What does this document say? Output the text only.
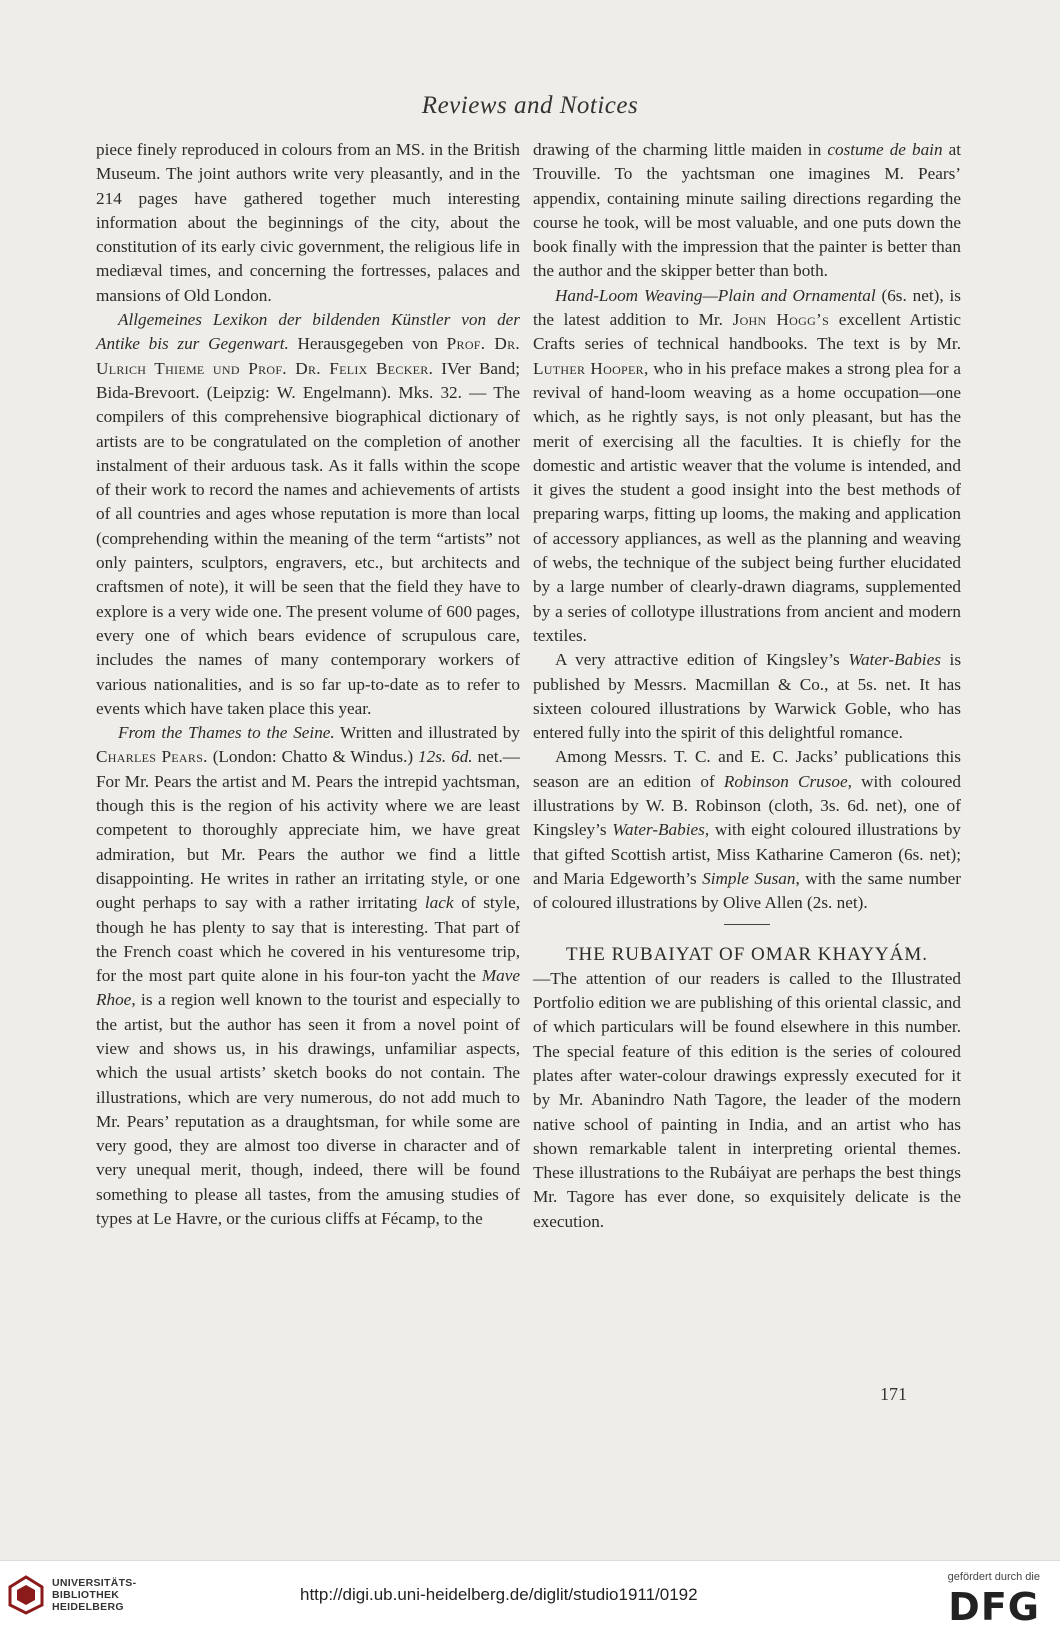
Reviews and Notices

piece finely reproduced in colours from an MS. in the British Museum. The joint authors write very pleasantly, and in the 214 pages have gathered together much interesting information about the beginnings of the city, about the constitution of its early civic government, the religious life in mediæval times, and concerning the fortresses, palaces and mansions of Old London.

Allgemeines Lexikon der bildenden Künstler von der Antike bis zur Gegenwart. Herausgegeben von Prof. Dr. Ulrich Thieme und Prof. Dr. Felix Becker. IVer Band; Bida-Brevoort. (Leipzig: W. Engelmann). Mks. 32. — The compilers of this comprehensive biographical dictionary of artists are to be congratulated on the completion of another instalment of their arduous task. As it falls within the scope of their work to record the names and achievements of artists of all countries and ages whose reputation is more than local (comprehending within the meaning of the term “artists” not only painters, sculptors, engravers, etc., but architects and craftsmen of note), it will be seen that the field they have to explore is a very wide one. The present volume of 600 pages, every one of which bears evidence of scrupulous care, includes the names of many contemporary workers of various nationalities, and is so far up-to-date as to refer to events which have taken place this year.

From the Thames to the Seine. Written and illustrated by Charles Pears. (London: Chatto & Windus.) 12s. 6d. net.—For Mr. Pears the artist and M. Pears the intrepid yachtsman, though this is the region of his activity where we are least competent to thoroughly appreciate him, we have great admiration, but Mr. Pears the author we find a little disappointing. He writes in rather an irritating style, or one ought perhaps to say with a rather irritating lack of style, though he has plenty to say that is interesting. That part of the French coast which he covered in his venturesome trip, for the most part quite alone in his four-ton yacht the Mave Rhoe, is a region well known to the tourist and especially to the artist, but the author has seen it from a novel point of view and shows us, in his drawings, unfamiliar aspects, which the usual artists’ sketch books do not contain. The illustrations, which are very numerous, do not add much to Mr. Pears’ reputation as a draughtsman, for while some are very good, they are almost too diverse in character and of very unequal merit, though, indeed, there will be found something to please all tastes, from the amusing studies of types at Le Havre, or the curious cliffs at Fécamp, to the

drawing of the charming little maiden in costume de bain at Trouville. To the yachtsman one imagines M. Pears’ appendix, containing minute sailing directions regarding the course he took, will be most valuable, and one puts down the book finally with the impression that the painter is better than the author and the skipper better than both.

Hand-Loom Weaving—Plain and Ornamental (6s. net), is the latest addition to Mr. John Hogg’s excellent Artistic Crafts series of technical handbooks. The text is by Mr. Luther Hooper, who in his preface makes a strong plea for a revival of hand-loom weaving as a home occupation—one which, as he rightly says, is not only pleasant, but has the merit of exercising all the faculties. It is chiefly for the domestic and artistic weaver that the volume is intended, and it gives the student a good insight into the best methods of preparing warps, fitting up looms, the making and application of accessory appliances, as well as the planning and weaving of webs, the technique of the subject being further elucidated by a large number of clearly-drawn diagrams, supplemented by a series of collotype illustrations from ancient and modern textiles.

A very attractive edition of Kingsley’s Water-Babies is published by Messrs. Macmillan & Co., at 5s. net. It has sixteen coloured illustrations by Warwick Goble, who has entered fully into the spirit of this delightful romance.

Among Messrs. T. C. and E. C. Jacks’ publications this season are an edition of Robinson Crusoe, with coloured illustrations by W. B. Robinson (cloth, 3s. 6d. net), one of Kingsley’s Water-Babies, with eight coloured illustrations by that gifted Scottish artist, Miss Katharine Cameron (6s. net); and Maria Edgeworth’s Simple Susan, with the same number of coloured illustrations by Olive Allen (2s. net).

THE RUBAIYAT OF OMAR KHAYYÁM.

—The attention of our readers is called to the Illustrated Portfolio edition we are publishing of this oriental classic, and of which particulars will be found elsewhere in this number. The special feature of this edition is the series of coloured plates after water-colour drawings expressly executed for it by Mr. Abanindro Nath Tagore, the leader of the modern native school of painting in India, and an artist who has shown remarkable talent in interpreting oriental themes. These illustrations to the Rubáiyat are perhaps the best things Mr. Tagore has ever done, so exquisitely delicate is the execution.

171
UNIVERSITÄTS-
BIBLIOTHEK
HEIDELBERG
http://digi.ub.uni-heidelberg.de/diglit/studio1911/0192
gefördert durch die
DFG
